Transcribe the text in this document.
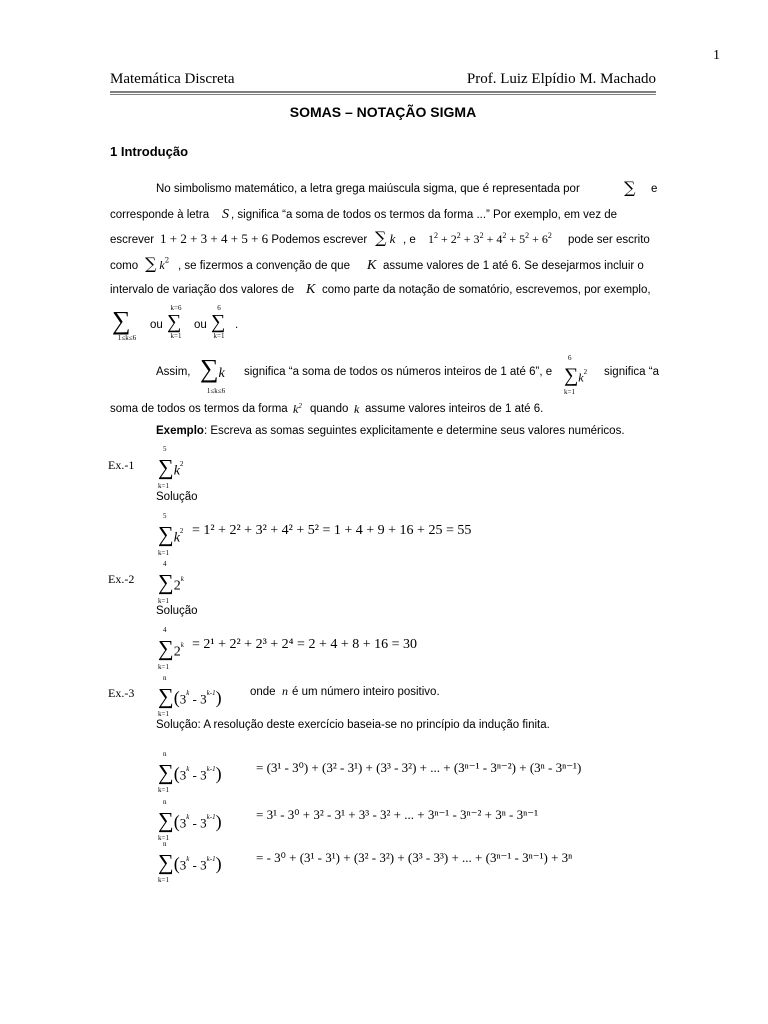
1
Matemática Discreta	Prof. Luiz Elpídio M. Machado
SOMAS – NOTAÇÃO SIGMA
1 Introdução
No simbolismo matemático, a letra grega maiúscula sigma, que é representada por	∑ e
corresponde à letra S , significa “a soma de todos os termos da forma ...” Por exemplo, em vez de
escrever 1 + 2 + 3 + 4 + 5 + 6
. Podemos escrever ∑ k , e $1^2 + 2^2 + 3^2 + 4^2 + 5^2 + 6^2$ pode ser escrito
como ∑ $k^2$ , se fizermos a convenção de que K assume valores de 1 até 6. Se desejarmos incluir o
intervalo de variação dos valores de K como parte da notação de somatório, escrevemos, por exemplo,
∑
1≤k≤6
ou
k=6
∑
k=1
ou
6
∑
k=1
.
Assim, ∑k
1≤k≤6
significa “a soma de todos os números inteiros de 1 até 6”, e
6
$\sum k^2$
k=1
significa “a
soma de todos os termos da forma $k^2$ quando k assume valores inteiros de 1 até 6.
Exemplo: Escreva as somas seguintes explicitamente e determine seus valores numéricos.
Ex.-1
5
$\sum k^2$
k=1
Solução
5
$\sum k^2$
k=1
= 1² + 2² + 3² + 4² + 5² = 1 + 4 + 9 + 16 + 25 = 55
Ex.-2
4
∑2$^k$
k=1
Solução
4
∑2$^k$
k=1
= 2¹ + 2² + 2³ + 2⁴ = 2 + 4 + 8 + 16 = 30
Ex.-3
n
∑(3$^k$ - 3$^{k-1}$)
k=1
onde n é um número inteiro positivo.
Solução: A resolução deste exercício baseia-se no princípio da indução finita.
n
∑(3$^k$ - 3$^{k-1}$)
k=1
= (3¹ - 3⁰) + (3² - 3¹) + (3³ - 3²) + ... + (3ⁿ⁻¹ - 3ⁿ⁻²) + (3ⁿ - 3ⁿ⁻¹)
n
∑(3$^k$ - 3$^{k-1}$)
k=1
= 3¹ - 3⁰ + 3² - 3¹ + 3³ - 3² + ... + 3ⁿ⁻¹ - 3ⁿ⁻² + 3ⁿ - 3ⁿ⁻¹
n
∑(3$^k$ - 3$^{k-1}$)
k=1
= - 3⁰ + (3¹ - 3¹) + (3² - 3²) + (3³ - 3³) + ... + (3ⁿ⁻¹ - 3ⁿ⁻¹) + 3ⁿ
